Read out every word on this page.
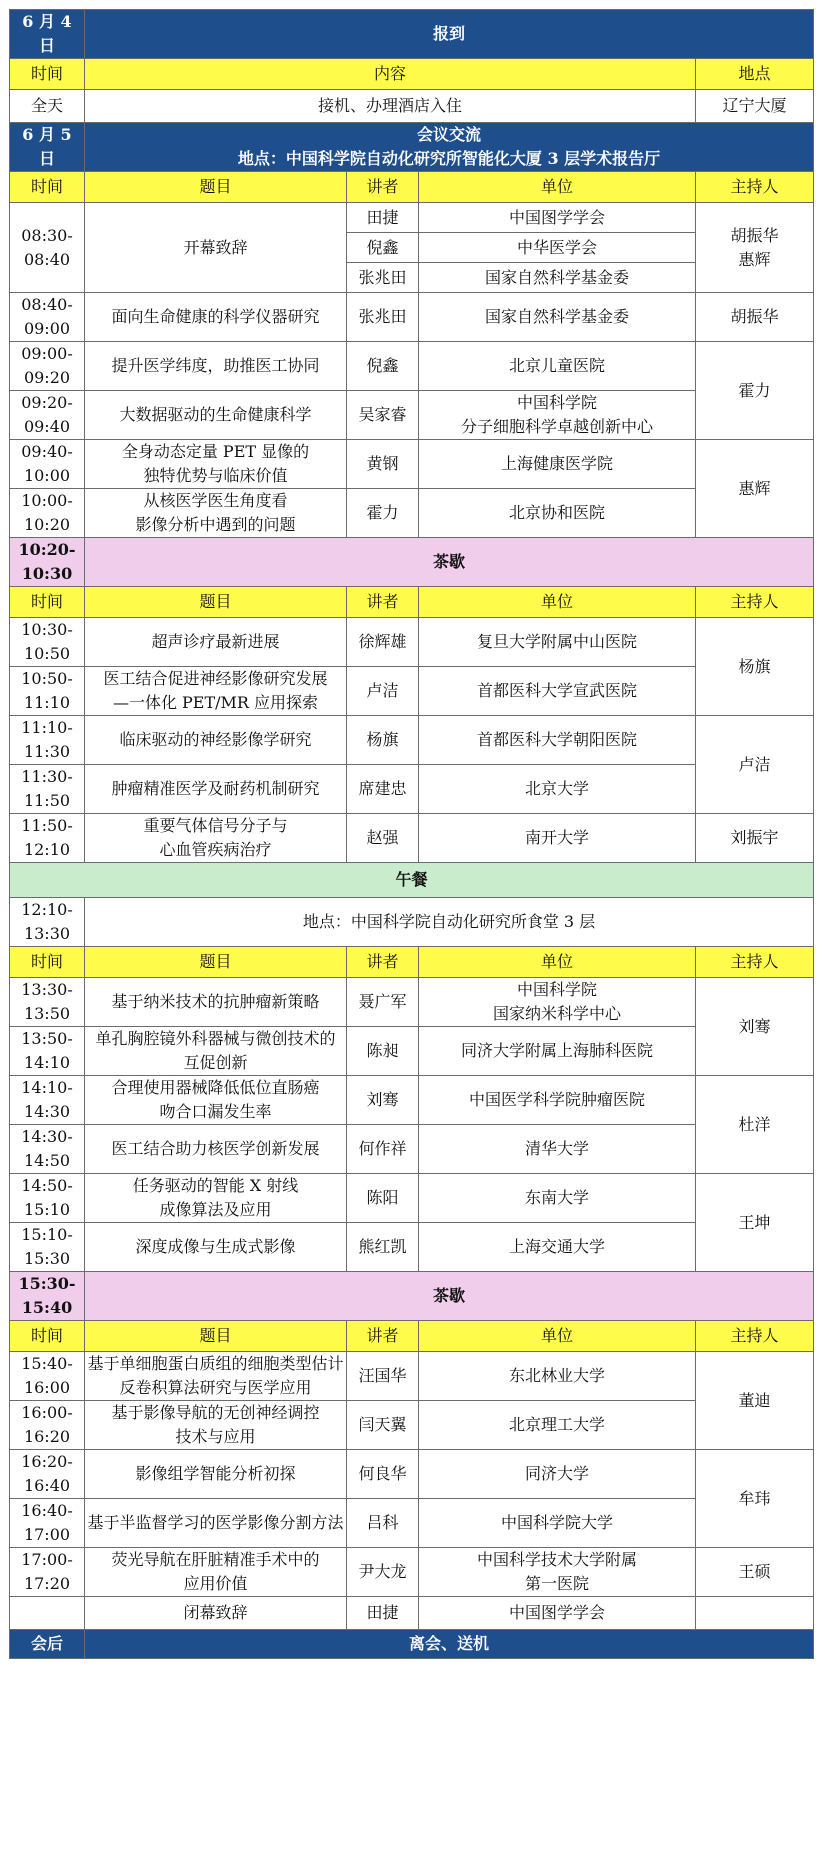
6 月 4 日	报到			
时间	内容			地点
全天	接机、办理酒店入住			辽宁大厦
6 月 5 日	会议交流
地点：中国科学院自动化研究所智能化大厦 3 层学术报告厅			

时间	题目	讲者	单位	主持人
08:30-
08:40	开幕致辞	田捷	中国图学学会	胡振华
惠辉
		倪鑫	中华医学会	
		张兆田	国家自然科学基金委	
08:40-
09:00	面向生命健康的科学仪器研究	张兆田	国家自然科学基金委	胡振华
09:00-
09:20	提升医学纬度，助推医工协同	倪鑫	北京儿童医院	霍力
09:20-
09:40	大数据驱动的生命健康科学	吴家睿	中国科学院
分子细胞科学卓越创新中心	
09:40-
10:00	全身动态定量 PET 显像的
独特优势与临床价值	黄钢	上海健康医学院	惠辉
10:00-
10:20	从核医学医生角度看
影像分析中遇到的问题	霍力	北京协和医院	
10:20-
10:30	茶歇			
时间	题目	讲者	单位	主持人
10:30-
10:50	超声诊疗最新进展	徐辉雄	复旦大学附属中山医院	杨旗
10:50-
11:10	医工结合促进神经影像研究发展
—一体化 PET/MR 应用探索	卢洁	首都医科大学宣武医院	
11:10-
11:30	临床驱动的神经影像学研究	杨旗	首都医科大学朝阳医院	卢洁
11:30-
11:50	肿瘤精准医学及耐药机制研究	席建忠	北京大学	
11:50-
12:10	重要气体信号分子与
心血管疾病治疗	赵强	南开大学	刘振宇
午餐				
12:10-
13:30	地点：中国科学院自动化研究所食堂 3 层			
时间	题目	讲者	单位	主持人
13:30-
13:50	基于纳米技术的抗肿瘤新策略	聂广军	中国科学院
国家纳米科学中心	刘骞
13:50-
14:10	单孔胸腔镜外科器械与微创技术的
互促创新	陈昶	同济大学附属上海肺科医院	
14:10-
14:30	合理使用器械降低低位直肠癌
吻合口漏发生率	刘骞	中国医学科学院肿瘤医院	杜洋
14:30-
14:50	医工结合助力核医学创新发展	何作祥	清华大学	
14:50-
15:10	任务驱动的智能 X 射线
成像算法及应用	陈阳	东南大学	王坤
15:10-
15:30	深度成像与生成式影像	熊红凯	上海交通大学	
15:30-
15:40	茶歇			
时间	题目	讲者	单位	主持人
15:40-
16:00	基于单细胞蛋白质组的细胞类型估计
反卷积算法研究与医学应用	汪国华	东北林业大学	董迪
16:00-
16:20	基于影像导航的无创神经调控
技术与应用	闫天翼	北京理工大学	
16:20-
16:40	影像组学智能分析初探	何良华	同济大学	牟玮
16:40-
17:00	基于半监督学习的医学影像分割方法	吕科	中国科学院大学	
17:00-
17:20	荧光导航在肝脏精准手术中的
应用价值	尹大龙	中国科学技术大学附属
第一医院	王硕
	闭幕致辞	田捷	中国图学学会	
会后	离会、送机			
